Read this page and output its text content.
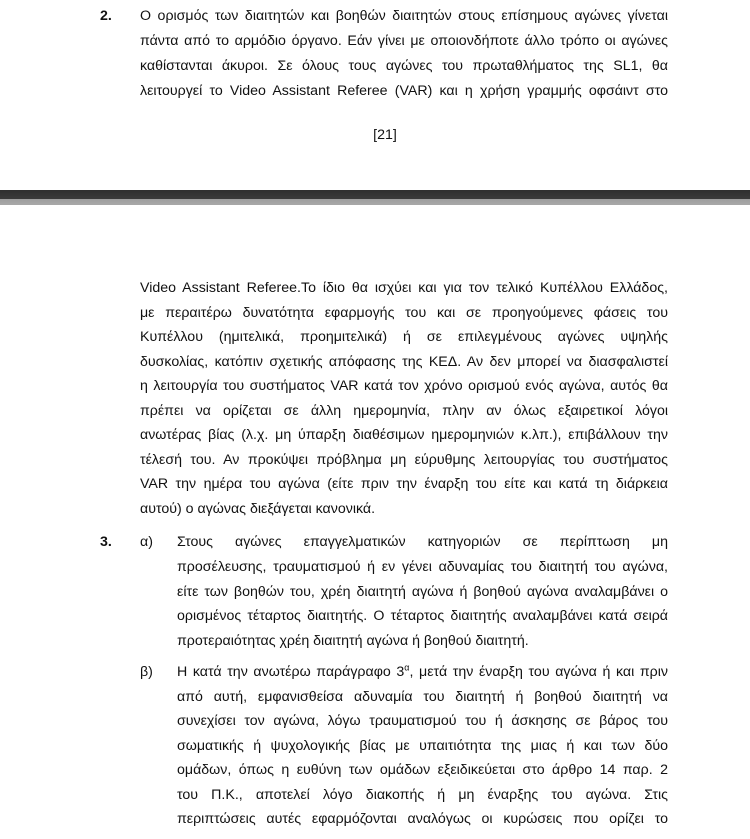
2. Ο ορισμός των διαιτητών και βοηθών διαιτητών στους επίσημους αγώνες γίνεται
πάντα από το αρμόδιο όργανο. Εάν γίνει με οποιονδήποτε άλλο τρόπο οι αγώνες
καθίστανται άκυροι. Σε όλους τους αγώνες του πρωταθλήματος της SL1, θα
λειτουργεί το Video Assistant Referee (VAR) και η χρήση γραμμής οφσάιντ στο
[21]
Video Assistant Referee.Το ίδιο θα ισχύει και για τον τελικό Κυπέλλου Ελλάδος,
με περαιτέρω δυνατότητα εφαρμογής του και σε προηγούμενες φάσεις του
Κυπέλλου (ημιτελικά, προημιτελικά) ή σε επιλεγμένους αγώνες υψηλής
δυσκολίας, κατόπιν σχετικής απόφασης της ΚΕΔ. Αν δεν μπορεί να διασφαλιστεί
η λειτουργία του συστήματος VAR κατά τον χρόνο ορισμού ενός αγώνα, αυτός θα
πρέπει να ορίζεται σε άλλη ημερομηνία, πλην αν όλως εξαιρετικοί λόγοι
ανωτέρας βίας (λ.χ. μη ύπαρξη διαθέσιμων ημερομηνιών κ.λπ.), επιβάλλουν την
τέλεσή του. Αν προκύψει πρόβλημα μη εύρυθμης λειτουργίας του συστήματος
VAR την ημέρα του αγώνα (είτε πριν την έναρξη του είτε και κατά τη διάρκεια
αυτού) ο αγώνας διεξάγεται κανονικά.
3. α) Στους αγώνες επαγγελματικών κατηγοριών σε περίπτωση μη
προσέλευσης, τραυματισμού ή εν γένει αδυναμίας του διαιτητή του αγώνα,
είτε των βοηθών του, χρέη διαιτητή αγώνα ή βοηθού αγώνα αναλαμβάνει ο
ορισμένος τέταρτος διαιτητής. Ο τέταρτος διαιτητής αναλαμβάνει κατά σειρά
προτεραιότητας χρέη διαιτητή αγώνα ή βοηθού διαιτητή.
β) Η κατά την ανωτέρω παράγραφο $3^\alpha$, μετά την έναρξη του αγώνα ή και πριν
από αυτή, εμφανισθείσα αδυναμία του διαιτητή ή βοηθού διαιτητή να
συνεχίσει τον αγώνα, λόγω τραυματισμού του ή άσκησης σε βάρος του
σωματικής ή ψυχολογικής βίας με υπαιτιότητα της μιας ή και των δύο
ομάδων, όπως η ευθύνη των ομάδων εξειδικεύεται στο άρθρο 14 παρ. 2
του Π.Κ., αποτελεί λόγο διακοπής ή μη έναρξης του αγώνα. Στις
περιπτώσεις αυτές εφαρμόζονται αναλόγως οι κυρώσεις που ορίζει το
